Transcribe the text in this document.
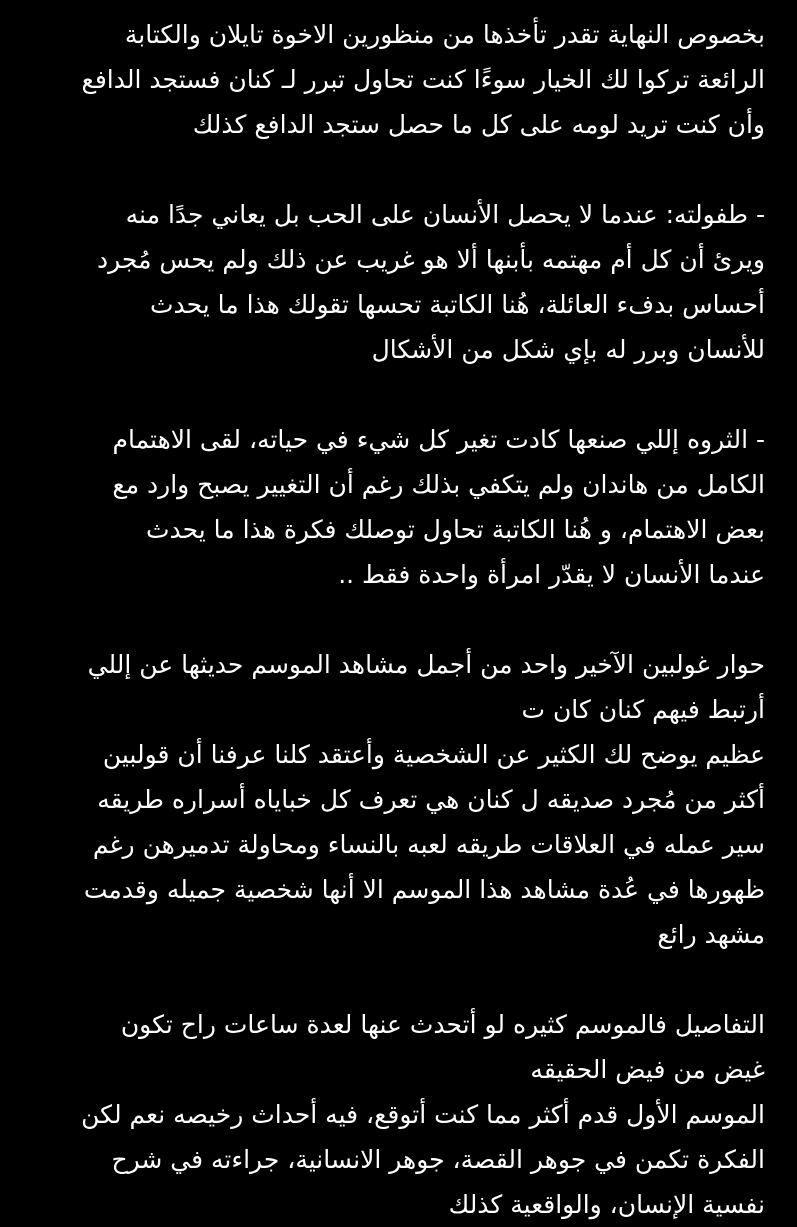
بخصوص النهاية تقدر تأخذها من منظورين الاخوة تايلان والكتابة
الرائعة تركوا لك الخيار سوءًا كنت تحاول تبرر لـ كنان فستجد الدافع
وأن كنت تريد لومه على كل ما حصل ستجد الدافع كذلك
- طفولته: عندما لا يحصل الأنسان على الحب بل يعاني جدًا منه
ويرئ أن كل أم مهتمه بأبنها ألا هو غريب عن ذلك ولم يحس مُجرد
أحساس بدفء العائلة، هُنا الكاتبة تحسها تقولك هذا ما يحدث
للأنسان وبرر له بإي شكل من الأشكال
- الثروه إللي صنعها كادت تغير كل شيء في حياته، لقى الاهتمام
الكامل من هاندان ولم يتكفي بذلك رغم أن التغيير يصبح وارد مع
بعض الاهتمام، و هُنا الكاتبة تحاول توصلك فكرة هذا ما يحدث
عندما الأنسان لا يقدّر امرأة واحدة فقط ..
حوار غولبين الآخير واحد من أجمل مشاهد الموسم حديثها عن إللي
أرتبط فيهم كنان كان ت
عظيم يوضح لك الكثير عن الشخصية وأعتقد كلنا عرفنا أن قولبين
أكثر من مُجرد صديقه ل كنان هي تعرف كل خباياه أسراره طريقه
سير عمله في العلاقات طريقه لعبه بالنساء ومحاولة تدميرهن رغم
ظهورها في عُدة مشاهد هذا الموسم الا أنها شخصية جميله وقدمت
مشهد رائع
التفاصيل فالموسم كثيره لو أتحدث عنها لعدة ساعات راح تكون
غيض من فيض الحقيقه
الموسم الأول قدم أكثر مما كنت أتوقع، فيه أحداث رخيصه نعم لكن
الفكرة تكمن في جوهر القصة، جوهر الانسانية، جراءته في شرح
نفسية الإنسان، والواقعية كذلك
